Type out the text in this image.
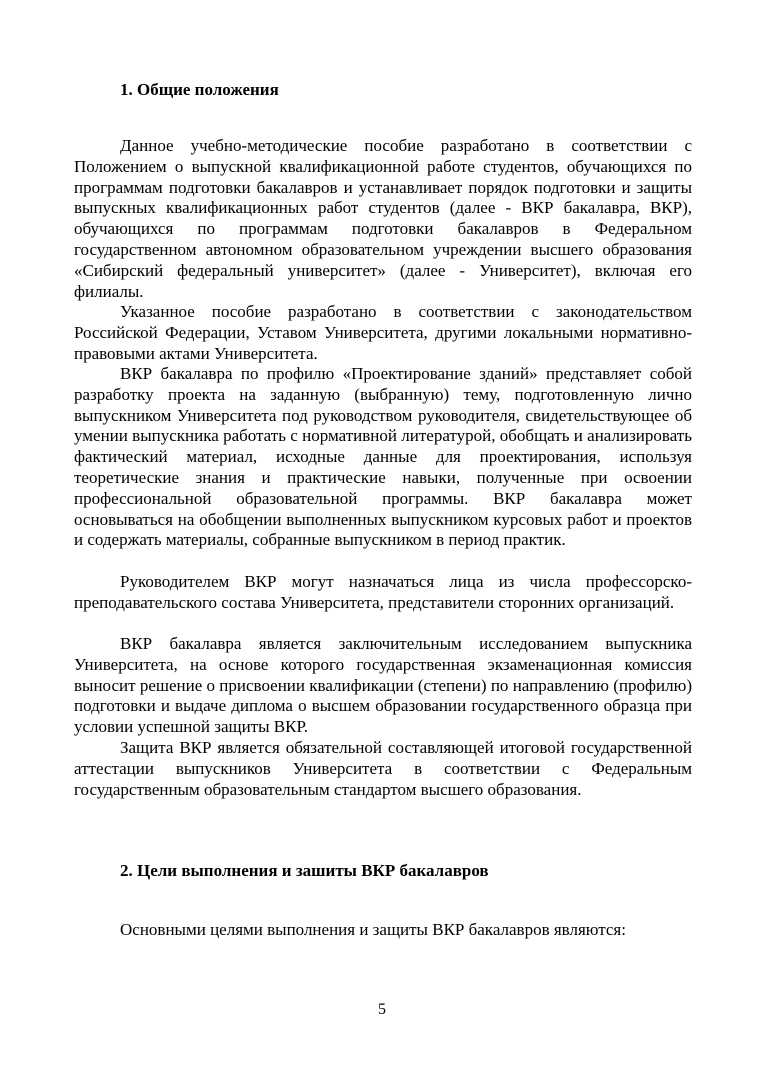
1. Общие положения

Данное учебно-методические пособие разработано в соответствии с Положением о выпускной квалификационной работе студентов, обучающихся по программам подготовки бакалавров и устанавливает порядок подготовки и защиты выпускных квалификационных работ студентов (далее - ВКР бакалавра, ВКР), обучающихся по программам подготовки бакалавров в Федеральном государственном автономном образовательном учреждении высшего образования «Сибирский федеральный университет» (далее - Университет), включая его филиалы.

Указанное пособие разработано в соответствии с законодательством Российской Федерации, Уставом Университета, другими локальными нормативно-правовыми актами Университета.

ВКР бакалавра по профилю «Проектирование зданий» представляет собой разработку проекта на заданную (выбранную) тему, подготовленную лично выпускником Университета под руководством руководителя, свидетельствующее об умении выпускника работать с нормативной литературой, обобщать и анализировать фактический материал, исходные данные для проектирования, используя теоретические знания и практические навыки, полученные при освоении профессиональной образовательной программы. ВКР бакалавра может основываться на обобщении выполненных выпускником курсовых работ и проектов и содержать материалы, собранные выпускником в период практик.

Руководителем ВКР могут назначаться лица из числа профессорско-преподавательского состава Университета, представители сторонних организаций.

ВКР бакалавра является заключительным исследованием выпускника Университета, на основе которого государственная экзаменационная комиссия выносит решение о присвоении квалификации (степени) по направлению (профилю) подготовки и выдаче диплома о высшем образовании государственного образца при условии успешной защиты ВКР.

Защита ВКР является обязательной составляющей итоговой государственной аттестации выпускников Университета в соответствии с Федеральным государственным образовательным стандартом высшего образования.

2. Цели выполнения и зашиты ВКР бакалавров

Основными целями выполнения и защиты ВКР бакалавров являются:

5
